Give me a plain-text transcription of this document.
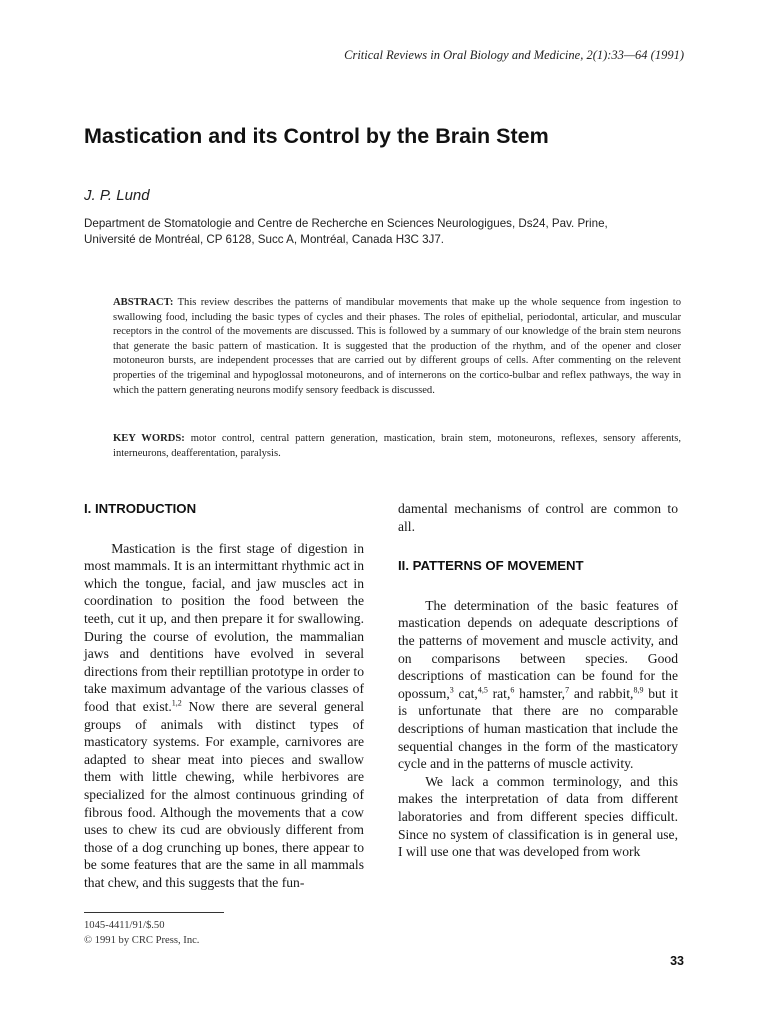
Critical Reviews in Oral Biology and Medicine, 2(1):33—64 (1991)
Mastication and its Control by the Brain Stem
J. P. Lund
Department de Stomatologie and Centre de Recherche en Sciences Neurologigues, Ds24, Pav. Prine, Université de Montréal, CP 6128, Succ A, Montréal, Canada H3C 3J7.
ABSTRACT: This review describes the patterns of mandibular movements that make up the whole sequence from ingestion to swallowing food, including the basic types of cycles and their phases. The roles of epithelial, periodontal, articular, and muscular receptors in the control of the movements are discussed. This is followed by a summary of our knowledge of the brain stem neurons that generate the basic pattern of mastication. It is suggested that the production of the rhythm, and of the opener and closer motoneuron bursts, are independent processes that are carried out by different groups of cells. After commenting on the relevent properties of the trigeminal and hypoglossal motoneurons, and of internerons on the cortico-bulbar and reflex pathways, the way in which the pattern generating neurons modify sensory feedback is discussed.
KEY WORDS: motor control, central pattern generation, mastication, brain stem, motoneurons, reflexes, sensory afferents, interneurons, deafferentation, paralysis.
I. INTRODUCTION

Mastication is the first stage of digestion in most mammals. It is an intermittant rhythmic act in which the tongue, facial, and jaw muscles act in coordination to position the food between the teeth, cut it up, and then prepare it for swallowing. During the course of evolution, the mammalian jaws and dentitions have evolved in several directions from their reptillian prototype in order to take maximum advantage of the various classes of food that exist.$^{1,2}$ Now there are several general groups of animals with distinct types of masticatory systems. For example, carnivores are adapted to shear meat into pieces and swallow them with little chewing, while herbivores are specialized for the almost continuous grinding of fibrous food. Although the movements that a cow uses to chew its cud are obviously different from those of a dog crunching up bones, there appear to be some features that are the same in all mammals that chew, and this suggests that the fun-

damental mechanisms of control are common to all.

II. PATTERNS OF MOVEMENT

The determination of the basic features of mastication depends on adequate descriptions of the patterns of movement and muscle activity, and on comparisons between species. Good descriptions of mastication can be found for the opossum,$^3$ cat,$^{4,5}$ rat,$^6$ hamster,$^7$ and rabbit,$^{8,9}$ but it is unfortunate that there are no comparable descriptions of human mastication that include the sequential changes in the form of the masticatory cycle and in the patterns of muscle activity.

We lack a common terminology, and this makes the interpretation of data from different laboratories and from different species difficult. Since no system of classification is in general use, I will use one that was developed from work

1045-4411/91/$.50
© 1991 by CRC Press, Inc.
33
